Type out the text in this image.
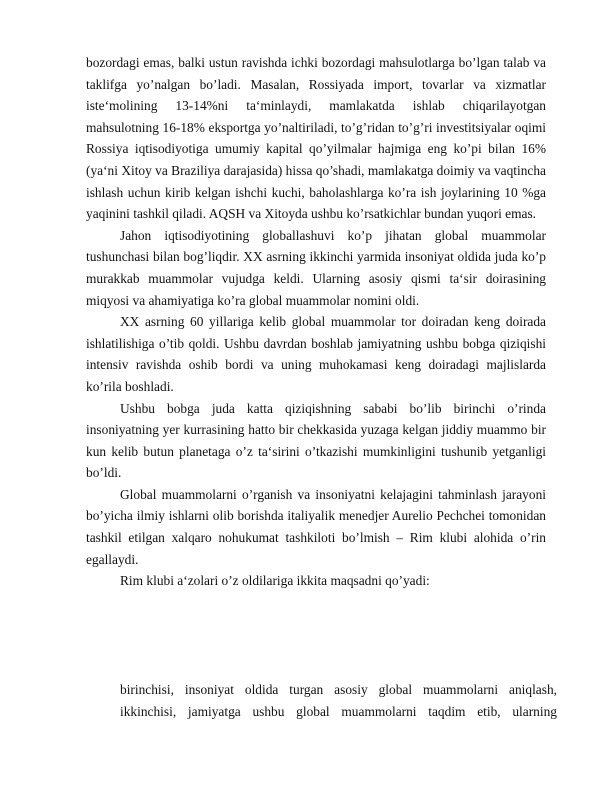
bozordagi emas, balki ustun ravishda ichki bozordagi mahsulotlarga bo’lgan talab va taklifga yo’nalgan bo’ladi. Masalan, Rossiyada import, tovarlar va xizmatlar iste‘molining 13-14%ni ta‘minlaydi, mamlakatda ishlab chiqarilayotgan mahsulotning 16-18% eksportga yo’naltiriladi, to’g’ridan to’g’ri investitsiyalar oqimi Rossiya iqtisodiyotiga umumiy kapital qo’yilmalar hajmiga eng ko’pi bilan 16% (ya‘ni Xitoy va Braziliya darajasida) hissa qo’shadi, mamlakatga doimiy va vaqtincha ishlash uchun kirib kelgan ishchi kuchi, baholashlarga ko’ra ish joylarining 10 %ga yaqinini tashkil qiladi. AQSH va Xitoyda ushbu ko’rsatkichlar bundan yuqori emas.

Jahon iqtisodiyotining globallashuvi ko’p jihatan global muammolar tushunchasi bilan bog’liqdir. XX asrning ikkinchi yarmida insoniyat oldida juda ko’p murakkab muammolar vujudga keldi. Ularning asosiy qismi ta‘sir doirasining miqyosi va ahamiyatiga ko’ra global muammolar nomini oldi.

XX asrning 60 yillariga kelib global muammolar tor doiradan keng doirada ishlatilishiga o’tib qoldi. Ushbu davrdan boshlab jamiyatning ushbu bobga qiziqishi intensiv ravishda oshib bordi va uning muhokamasi keng doiradagi majlislarda ko’rila boshladi.

Ushbu bobga juda katta qiziqishning sababi bo’lib birinchi o’rinda insoniyatning yer kurrasining hatto bir chekkasida yuzaga kelgan jiddiy muammo bir kun kelib butun planetaga o’z ta‘sirini o’tkazishi mumkinligini tushunib yetganligi bo’ldi.

Global muammolarni o’rganish va insoniyatni kelajagini tahminlash jarayoni bo’yicha ilmiy ishlarni olib borishda italiyalik menedjer Aurelio Pechchei tomonidan tashkil etilgan xalqaro nohukumat tashkiloti bo’lmish – Rim klubi alohida o’rin egallaydi.

Rim klubi a‘zolari o’z oldilariga ikkita maqsadni qo’yadi:

birinchisi, insoniyat oldida turgan asosiy global muammolarni aniqlash,
ikkinchisi, jamiyatga ushbu global muammolarni taqdim etib, ularning
